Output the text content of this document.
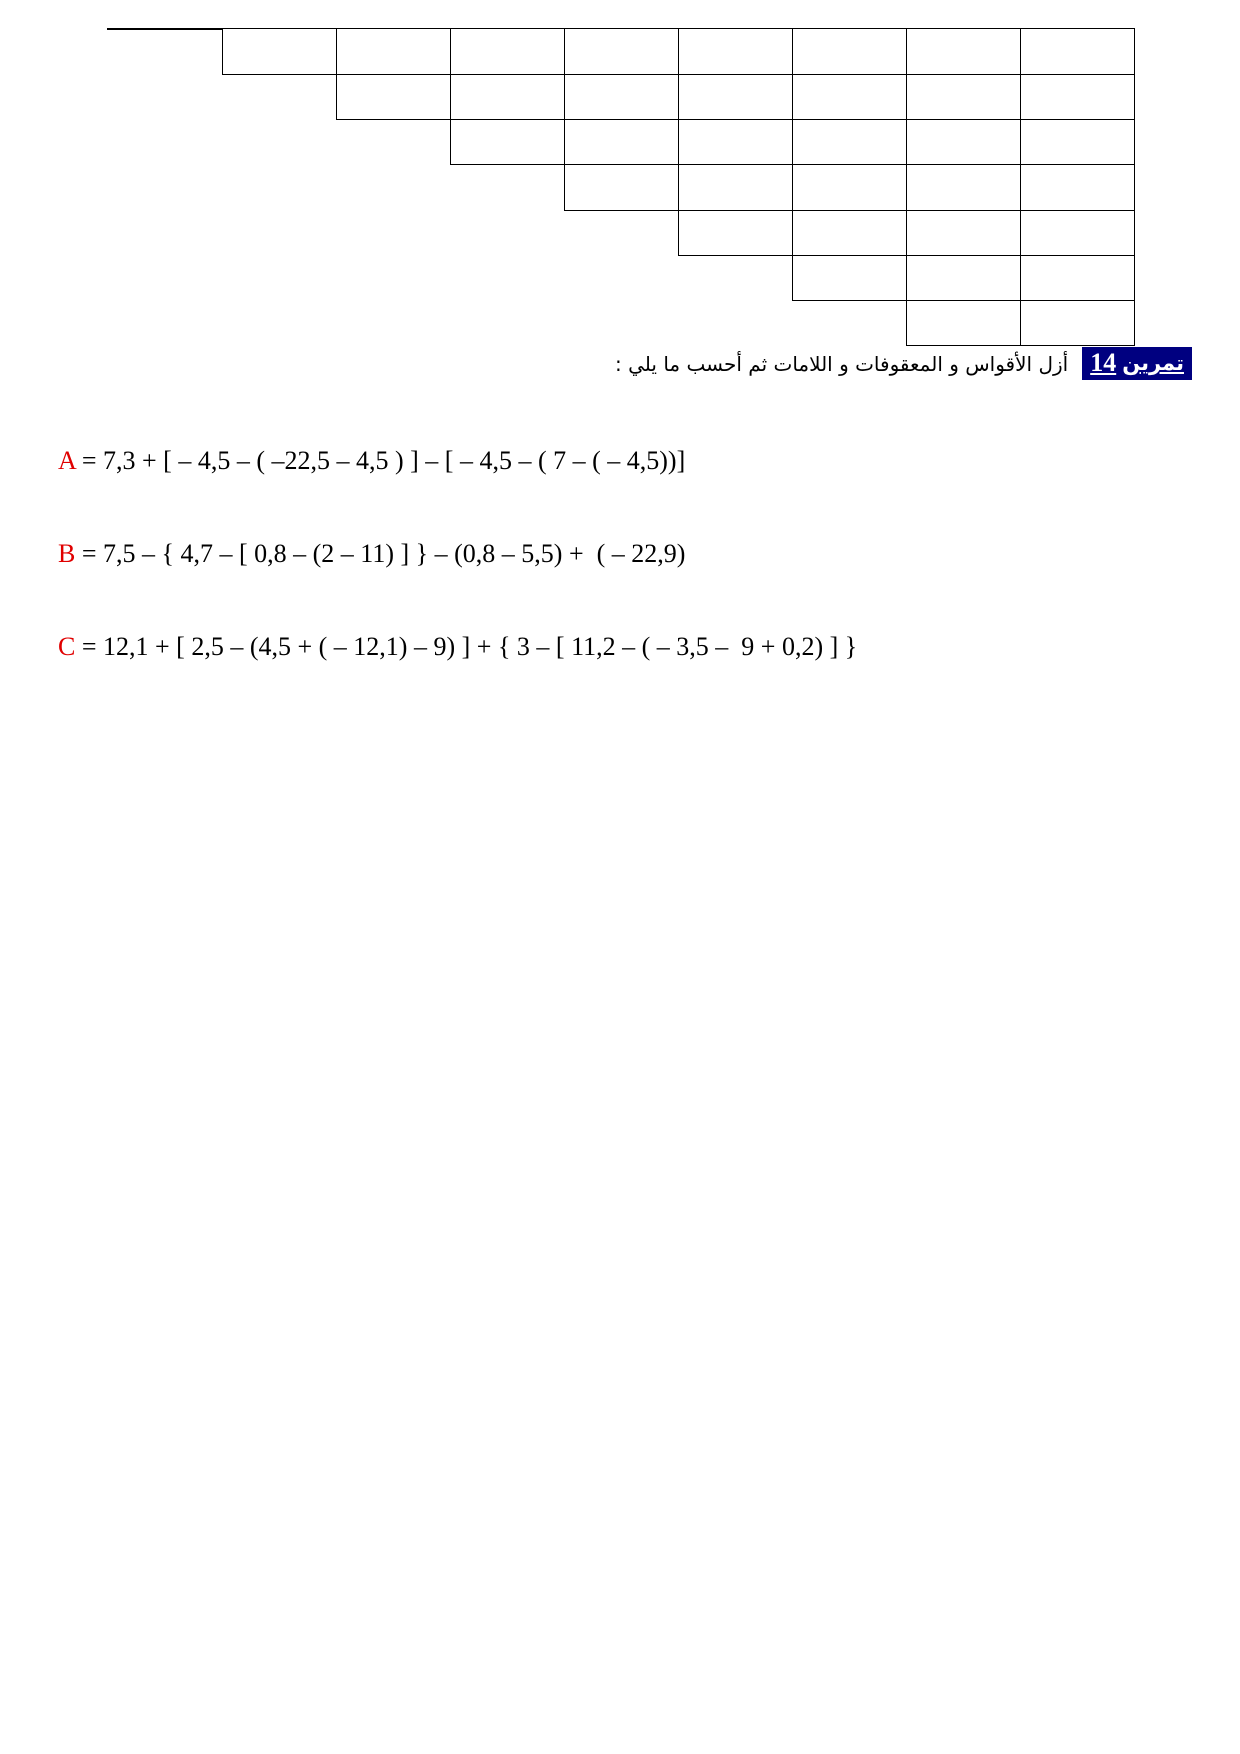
تمرين
14
أزل الأقواس و المعقوفات و اللامات ثم أحسب ما يلي :

A = 7,3 + [ – 4,5 – ( –22,5 – 4,5 ) ] – [ – 4,5 – ( 7 – ( – 4,5))]

B = 7,5 – { 4,7 – [ 0,8 – (2 – 11) ] } – (0,8 – 5,5) +  ( – 22,9)

C = 12,1 + [ 2,5 – (4,5 + ( – 12,1) – 9) ] + { 3 – [ 11,2 – ( – 3,5 –  9 + 0,2) ] }
